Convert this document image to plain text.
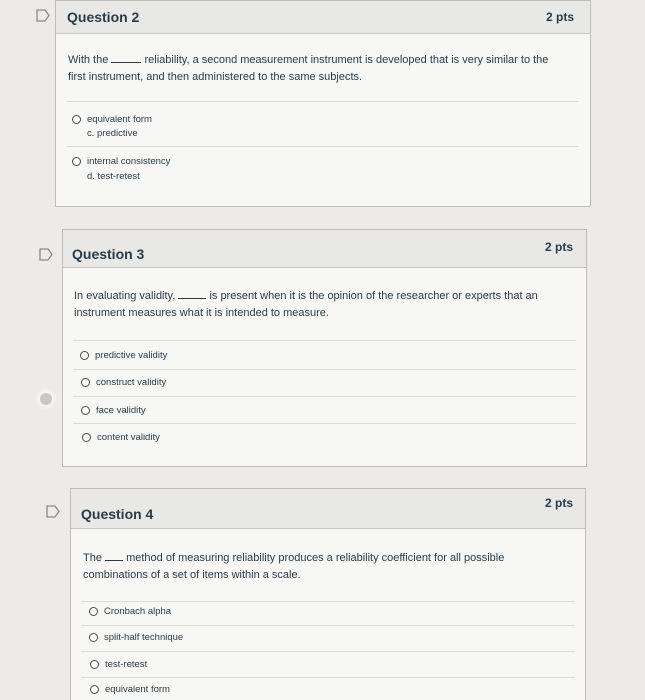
Question 2	2 pts
With the	reliability, a second measurement instrument is developed that is very similar to the
first instrument, and then administered to the same subjects.
equivalent form
c. predictive
internal consistency
d. test-retest
Question 3	2 pts
In evaluating validity,	is present when it is the opinion of the researcher or experts that an
instrument measures what it is intended to measure.
predictive validity
construct validity
face validity
content validity
Question 4
2 pts
The method of measuring reliability produces a reliability coefficient for all possible
combinations of a set of items within a scale.
Cronbach alpha
split-half technique
test-retest
equivalent form
